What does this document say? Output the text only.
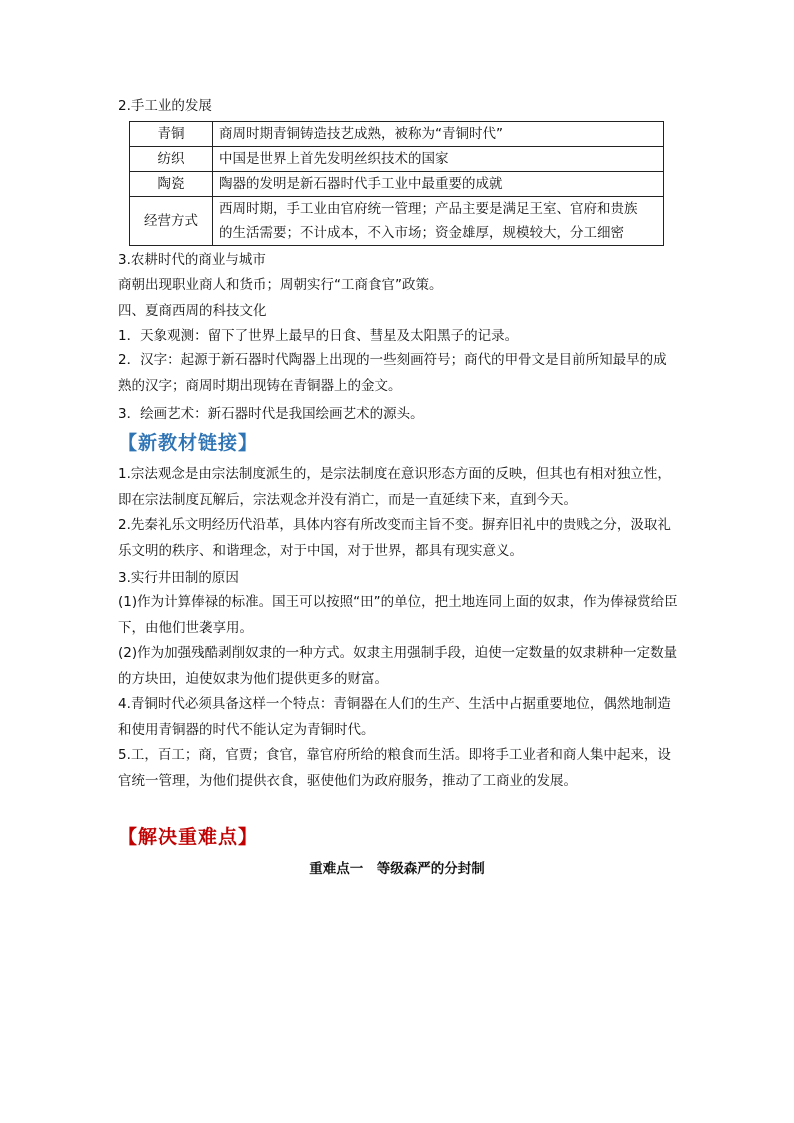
2.手工业的发展
青铜	商周时期青铜铸造技艺成熟，被称为“青铜时代”
纺织	中国是世界上首先发明丝织技术的国家
陶瓷	陶器的发明是新石器时代手工业中最重要的成就
经营方式	西周时期，手工业由官府统一管理；产品主要是满足王室、官府和贵族
的生活需要；不计成本，不入市场；资金雄厚，规模较大，分工细密
3.农耕时代的商业与城市
商朝出现职业商人和货币；周朝实行“工商食官”政策。
四、夏商西周的科技文化
1．天象观测：留下了世界上最早的日食、彗星及太阳黑子的记录。
2．汉字：起源于新石器时代陶器上出现的一些刻画符号；商代的甲骨文是目前所知最早的成熟的汉字；商周时期出现铸在青铜器上的金文。
3．绘画艺术：新石器时代是我国绘画艺术的源头。
【新教材链接】
1.宗法观念是由宗法制度派生的，是宗法制度在意识形态方面的反映，但其也有相对独立性，即在宗法制度瓦解后，宗法观念并没有消亡，而是一直延续下来，直到今天。
2.先秦礼乐文明经历代沿革，具体内容有所改变而主旨不变。摒弃旧礼中的贵贱之分，汲取礼乐文明的秩序、和谐理念，对于中国，对于世界，都具有现实意义。
3.实行井田制的原因
(1)作为计算俸禄的标准。国王可以按照“田”的单位，把土地连同上面的奴隶，作为俸禄赏给臣下，由他们世袭享用。
(2)作为加强残酷剥削奴隶的一种方式。奴隶主用强制手段，迫使一定数量的奴隶耕种一定数量的方块田，迫使奴隶为他们提供更多的财富。
4.青铜时代必须具备这样一个特点：青铜器在人们的生产、生活中占据重要地位，偶然地制造和使用青铜器的时代不能认定为青铜时代。
5.工，百工；商，官贾；食官，靠官府所给的粮食而生活。即将手工业者和商人集中起来，设官统一管理，为他们提供衣食，驱使他们为政府服务，推动了工商业的发展。
【解决重难点】
重难点一　等级森严的分封制
